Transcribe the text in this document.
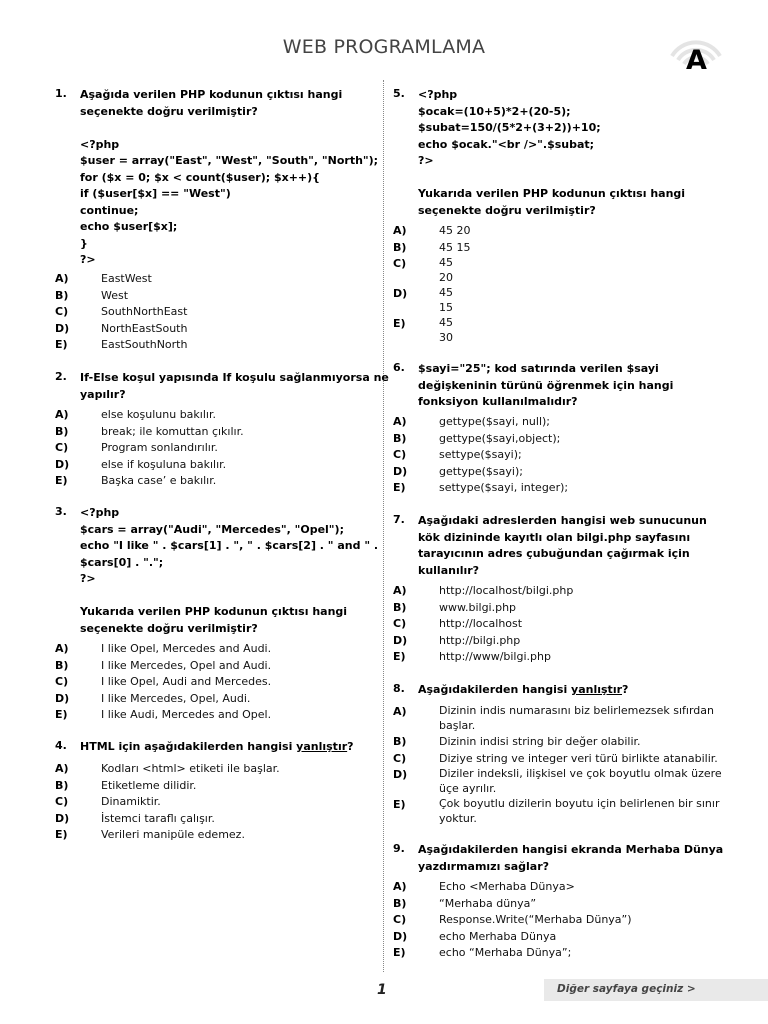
WEB PROGRAMLAMA	A
1. Aşağıda verilen PHP kodunun çıktısı hangi
seçenekte doğru verilmiştir?

<?php
$user = array("East", "West", "South", "North");
for ($x = 0; $x < count($user); $x++){
if ($user[$x] == "West")
continue;
echo $user[$x];
}
?>
A)	EastWest
B)	West
C)	SouthNorthEast
D)	NorthEastSouth
E)	EastSouthNorth
2. If-Else koşul yapısında If koşulu sağlanmıyorsa ne
yapılır?
A)	else koşulunu bakılır.
B)	break; ile komuttan çıkılır.
C)	Program sonlandırılır.
D)	else if koşuluna bakılır.
E)	Başka case’ e bakılır.
3. <?php
$cars = array("Audi", "Mercedes", "Opel");
echo "I like " . $cars[1] . ", " . $cars[2] . " and " .
$cars[0] . ".";
?>

Yukarıda verilen PHP kodunun çıktısı hangi
seçenekte doğru verilmiştir?
A)	I like Opel, Mercedes and Audi.
B)	I like Mercedes, Opel and Audi.
C)	I like Opel, Audi and Mercedes.
D)	I like Mercedes, Opel, Audi.
E)	I like Audi, Mercedes and Opel.
4. HTML için aşağıdakilerden hangisi yanlıştır?
A)	Kodları <html> etiketi ile başlar.
B)	Etiketleme dilidir.
C)	Dinamiktir.
D)	İstemci taraflı çalışır.
E)	Verileri manipüle edemez.
5. <?php
$ocak=(10+5)*2+(20-5);
$subat=150/(5*2+(3+2))+10;
echo $ocak."<br />".$subat;
?>

Yukarıda verilen PHP kodunun çıktısı hangi
seçenekte doğru verilmiştir?
A)	45 20
B)	45 15
C)	45
20
D)	45
15
E)	45
30
6. $sayi="25"; kod satırında verilen $sayi
değişkeninin türünü öğrenmek için hangi
fonksiyon kullanılmalıdır?
A)	gettype($sayi, null);
B)	gettype($sayi,object);
C)	settype($sayi);
D)	gettype($sayi);
E)	settype($sayi, integer);
7. Aşağıdaki adreslerden hangisi web sunucunun
kök dizininde kayıtlı olan bilgi.php sayfasını
tarayıcının adres çubuğundan çağırmak için
kullanılır?
A)	http://localhost/bilgi.php
B)	www.bilgi.php
C)	http://localhost
D)	http://bilgi.php
E)	http://www/bilgi.php
8. Aşağıdakilerden hangisi yanlıştır?
A)	Dizinin indis numarasını biz belirlemezsek sıfırdan
başlar.
B)	Dizinin indisi string bir değer olabilir.
C)	Diziye string ve integer veri türü birlikte atanabilir.
D)	Diziler indeksli, ilişkisel ve çok boyutlu olmak üzere
üçe ayrılır.
E)	Çok boyutlu dizilerin boyutu için belirlenen bir sınır
yoktur.
9. Aşağıdakilerden hangisi ekranda Merhaba Dünya
yazdırmamızı sağlar?
A)	Echo <Merhaba Dünya>
B)	“Merhaba dünya”
C)	Response.Write(“Merhaba Dünya”)
D)	echo Merhaba Dünya
E)	echo “Merhaba Dünya”;
1	Diğer sayfaya geçiniz >
